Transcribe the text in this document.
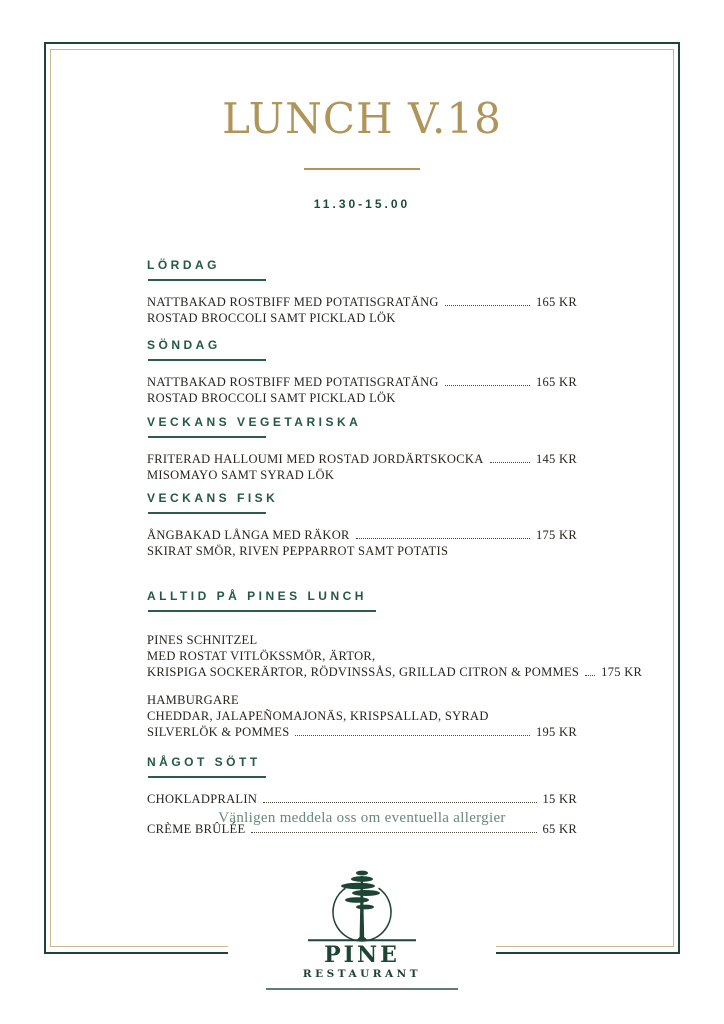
LUNCH V.18
11.30-15.00
LÖRDAG
NATTBAKAD ROSTBIFF MED POTATISGRATÄNG	165 KR
ROSTAD BROCCOLI SAMT PICKLAD LÖK
SÖNDAG
NATTBAKAD ROSTBIFF MED POTATISGRATÄNG	165 KR
ROSTAD BROCCOLI SAMT PICKLAD LÖK
VECKANS VEGETARISKA
FRITERAD HALLOUMI MED ROSTAD JORDÄRTSKOCKA	145 KR
MISOMAYO SAMT SYRAD LÖK
VECKANS FISK
ÅNGBAKAD LÅNGA MED RÄKOR	175 KR
SKIRAT SMÖR, RIVEN PEPPARROT SAMT POTATIS
ALLTID PÅ PINES LUNCH
PINES SCHNITZEL
MED ROSTAT VITLÖKSSMÖR, ÄRTOR,
KRISPIGA SOCKERÄRTOR, RÖDVINSSÅS, GRILLAD CITRON & POMMES 175 KR
HAMBURGARE
CHEDDAR, JALAPEÑOMAJONÄS, KRISPSALLAD, SYRAD
SILVERLÖK & POMMES	195 KR
NÅGOT SÖTT
CHOKLADPRALIN	15 KR
CRÈME BRÛLÉE	65 KR
Vänligen meddela oss om eventuella allergier
PINE
RESTAURANT
